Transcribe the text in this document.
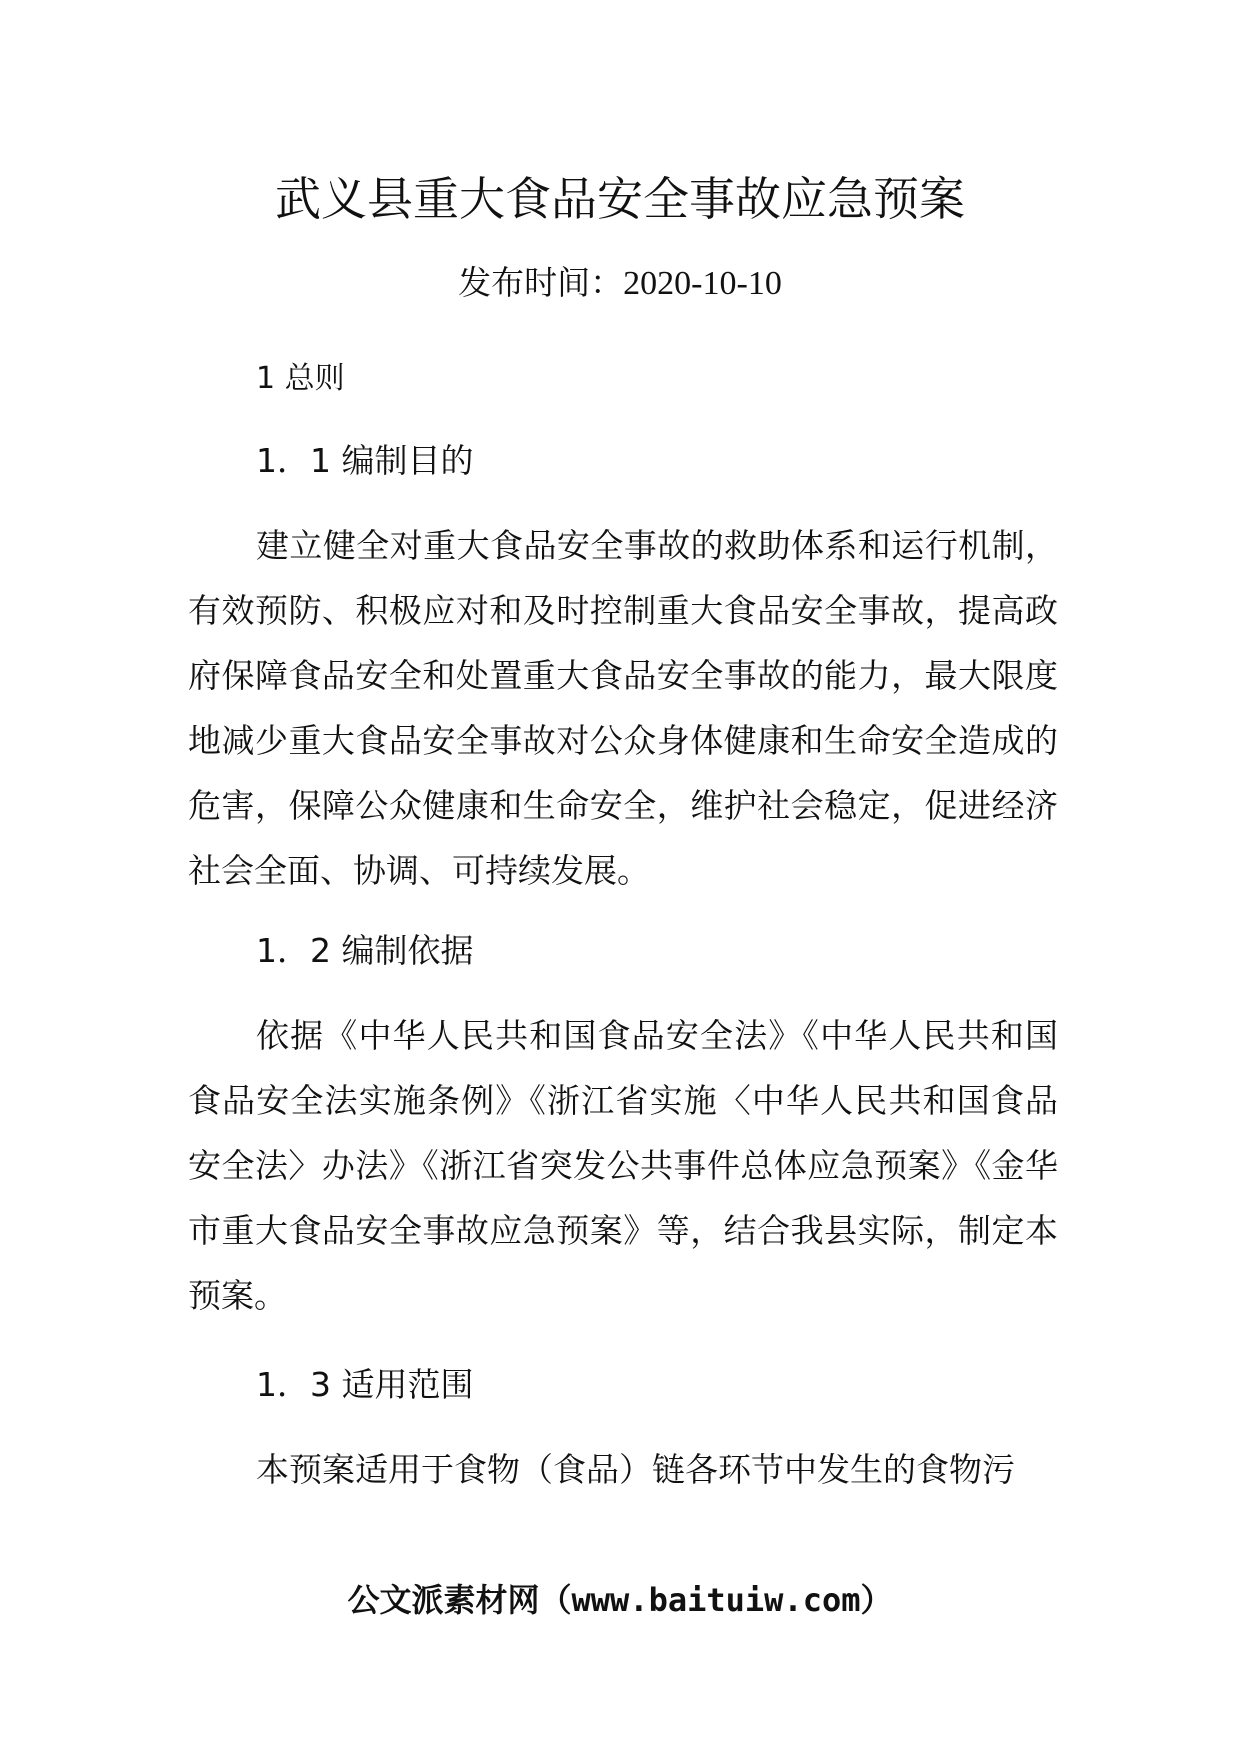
武义县重大食品安全事故应急预案

发布时间：2020-10-10

1 总则

1．1 编制目的

建立健全对重大食品安全事故的救助体系和运行机制，有效预防、积极应对和及时控制重大食品安全事故，提高政府保障食品安全和处置重大食品安全事故的能力，最大限度地减少重大食品安全事故对公众身体健康和生命安全造成的危害，保障公众健康和生命安全，维护社会稳定，促进经济社会全面、协调、可持续发展。

1．2 编制依据

依据《中华人民共和国食品安全法》《中华人民共和国食品安全法实施条例》《浙江省实施〈中华人民共和国食品安全法〉办法》《浙江省突发公共事件总体应急预案》《金华市重大食品安全事故应急预案》等，结合我县实际，制定本预案。

1．3 适用范围

本预案适用于食物（食品）链各环节中发生的食物污

公文派素材网（www.baituiw.com）
